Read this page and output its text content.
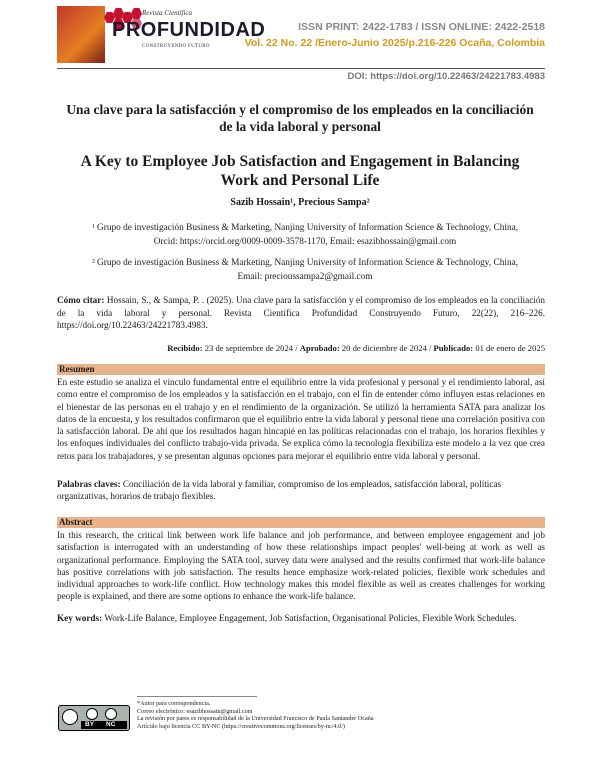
Revista Científica
PROFUNDIDAD
CONSTRUYENDO FUTURO
ISSN PRINT: 2422-1783 / ISSN ONLINE: 2422-2518
Vol. 22 No. 22 /Enero-Junio 2025/p.216-226 Ocaña, Colombia
DOI: https://doi.org/10.22463/24221783.4983
Una clave para la satisfacción y el compromiso de los empleados en la conciliación de la vida laboral y personal
A Key to Employee Job Satisfaction and Engagement in Balancing Work and Personal Life
Sazib Hossain¹, Precious Sampa²
¹ Grupo de investigación Business & Marketing, Nanjing University of Information Science & Technology, China,
Orcid: https://orcid.org/0009-0009-3578-1170, Email: esazibhossain@gmail.com
² Grupo de investigación Business & Marketing, Nanjing University of Information Science & Technology, China,
Email: precioussampa2@gmail.com
Cómo citar: Hossain, S., & Sampa, P. . (2025). Una clave para la satisfacción y el compromiso de los empleados en la conciliación de la vida laboral y personal. Revista Científica Profundidad Construyendo Futuro, 22(22), 216–226. https://doi.org/10.22463/24221783.4983.
Recibido: 23 de septiembre de 2024 / Aprobado: 20 de diciembre de 2024 / Publicado: 01 de enero de 2025
Resumen
En este estudio se analiza el vínculo fundamental entre el equilibrio entre la vida profesional y personal y el rendimiento laboral, así como entre el compromiso de los empleados y la satisfacción en el trabajo, con el fin de entender cómo influyen estas relaciones en el bienestar de las personas en el trabajo y en el rendimiento de la organización. Se utilizó la herramienta SATA para analizar los datos de la encuesta, y los resultados confirmaron que el equilibrio entre la vida laboral y personal tiene una correlación positiva con la satisfacción laboral. De ahí que los resultados hagan hincapié en las políticas relacionadas con el trabajo, los horarios flexibles y los enfoques individuales del conflicto trabajo-vida privada. Se explica cómo la tecnología flexibiliza este modelo a la vez que crea retos para los trabajadores, y se presentan algunas opciones para mejorar el equilibrio entre vida laboral y personal.
Palabras claves: Conciliación de la vida laboral y familiar, compromiso de los empleados, satisfacción laboral, políticas organizativas, horarios de trabajo flexibles.
Abstract
In this research, the critical link between work life balance and job performance, and between employee engagement and job satisfaction is interrogated with an understanding of how these relationships impact peoples' well-being at work as well as organizational performance. Employing the SATA tool, survey data were analysed and the results confirmed that work-life balance has positive correlations with job satisfaction. The results hence emphasize work-related policies, flexible work schedules and individual approaches to work-life conflict. How technology makes this model flexible as well as creates challenges for working people is explained, and there are some options to enhance the work-life balance.
Key words: Work-Life Balance, Employee Engagement, Job Satisfaction, Organisational Policies, Flexible Work Schedules.
BY NC
*Autor para correspondencia.
Correo electrónico: esazibhossain@gmail.com
La revisión por pares es responsabilidad de la Universidad Francisco de Paula Santander Ocaña
Artículo bajo licencia CC BY-NC (https://creativecommons.org/licenses/by-nc/4.0/)
